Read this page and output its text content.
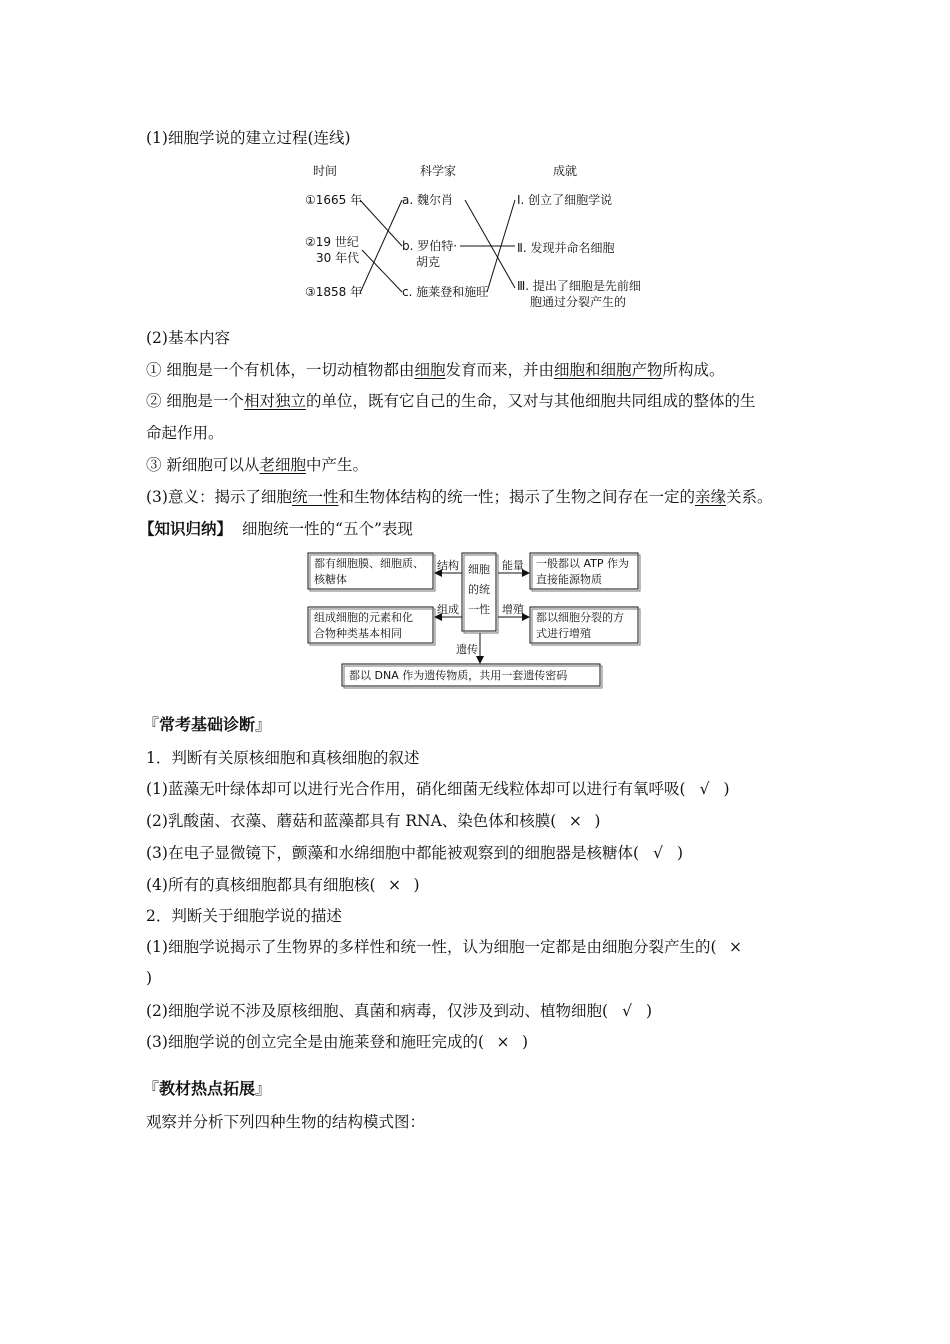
(1)细胞学说的建立过程(连线)
时间	科学家	成就
①1665 年
②19 世纪
30 年代
③1858 年
a. 魏尔肖
b. 罗伯特·
胡克
c. 施莱登和施旺
Ⅰ. 创立了细胞学说
Ⅱ. 发现并命名细胞
Ⅲ. 提出了细胞是先前细
胞通过分裂产生的
(2)基本内容
① 细胞是一个有机体，一切动植物都由细胞发育而来，并由细胞和细胞产物所构成。
② 细胞是一个相对独立的单位，既有它自己的生命，又对与其他细胞共同组成的整体的生
命起作用。
③ 新细胞可以从老细胞中产生。
(3)意义：揭示了细胞统一性和生物体结构的统一性；揭示了生物之间存在一定的亲缘关系。
【知识归纳】 细胞统一性的“五个”表现
都有细胞膜、细胞质、
核糖体
组成细胞的元素和化
合物种类基本相同
细胞
的统
一性
一般都以 ATP 作为
直接能源物质
都以细胞分裂的方
式进行增殖
都以 DNA 作为遗传物质，共用一套遗传密码
结构	能量
组成	增殖
遗传
『常考基础诊断』
1．判断有关原核细胞和真核细胞的叙述
(1)蓝藻无叶绿体却可以进行光合作用，硝化细菌无线粒体却可以进行有氧呼吸( √ )
(2)乳酸菌、衣藻、蘑菇和蓝藻都具有 RNA、染色体和核膜( × )
(3)在电子显微镜下，颤藻和水绵细胞中都能被观察到的细胞器是核糖体( √ )
(4)所有的真核细胞都具有细胞核( × )
2．判断关于细胞学说的描述
(1)细胞学说揭示了生物界的多样性和统一性，认为细胞一定都是由细胞分裂产生的( ×
)
(2)细胞学说不涉及原核细胞、真菌和病毒，仅涉及到动、植物细胞( √ )
(3)细胞学说的创立完全是由施莱登和施旺完成的( × )
『教材热点拓展』
观察并分析下列四种生物的结构模式图：
